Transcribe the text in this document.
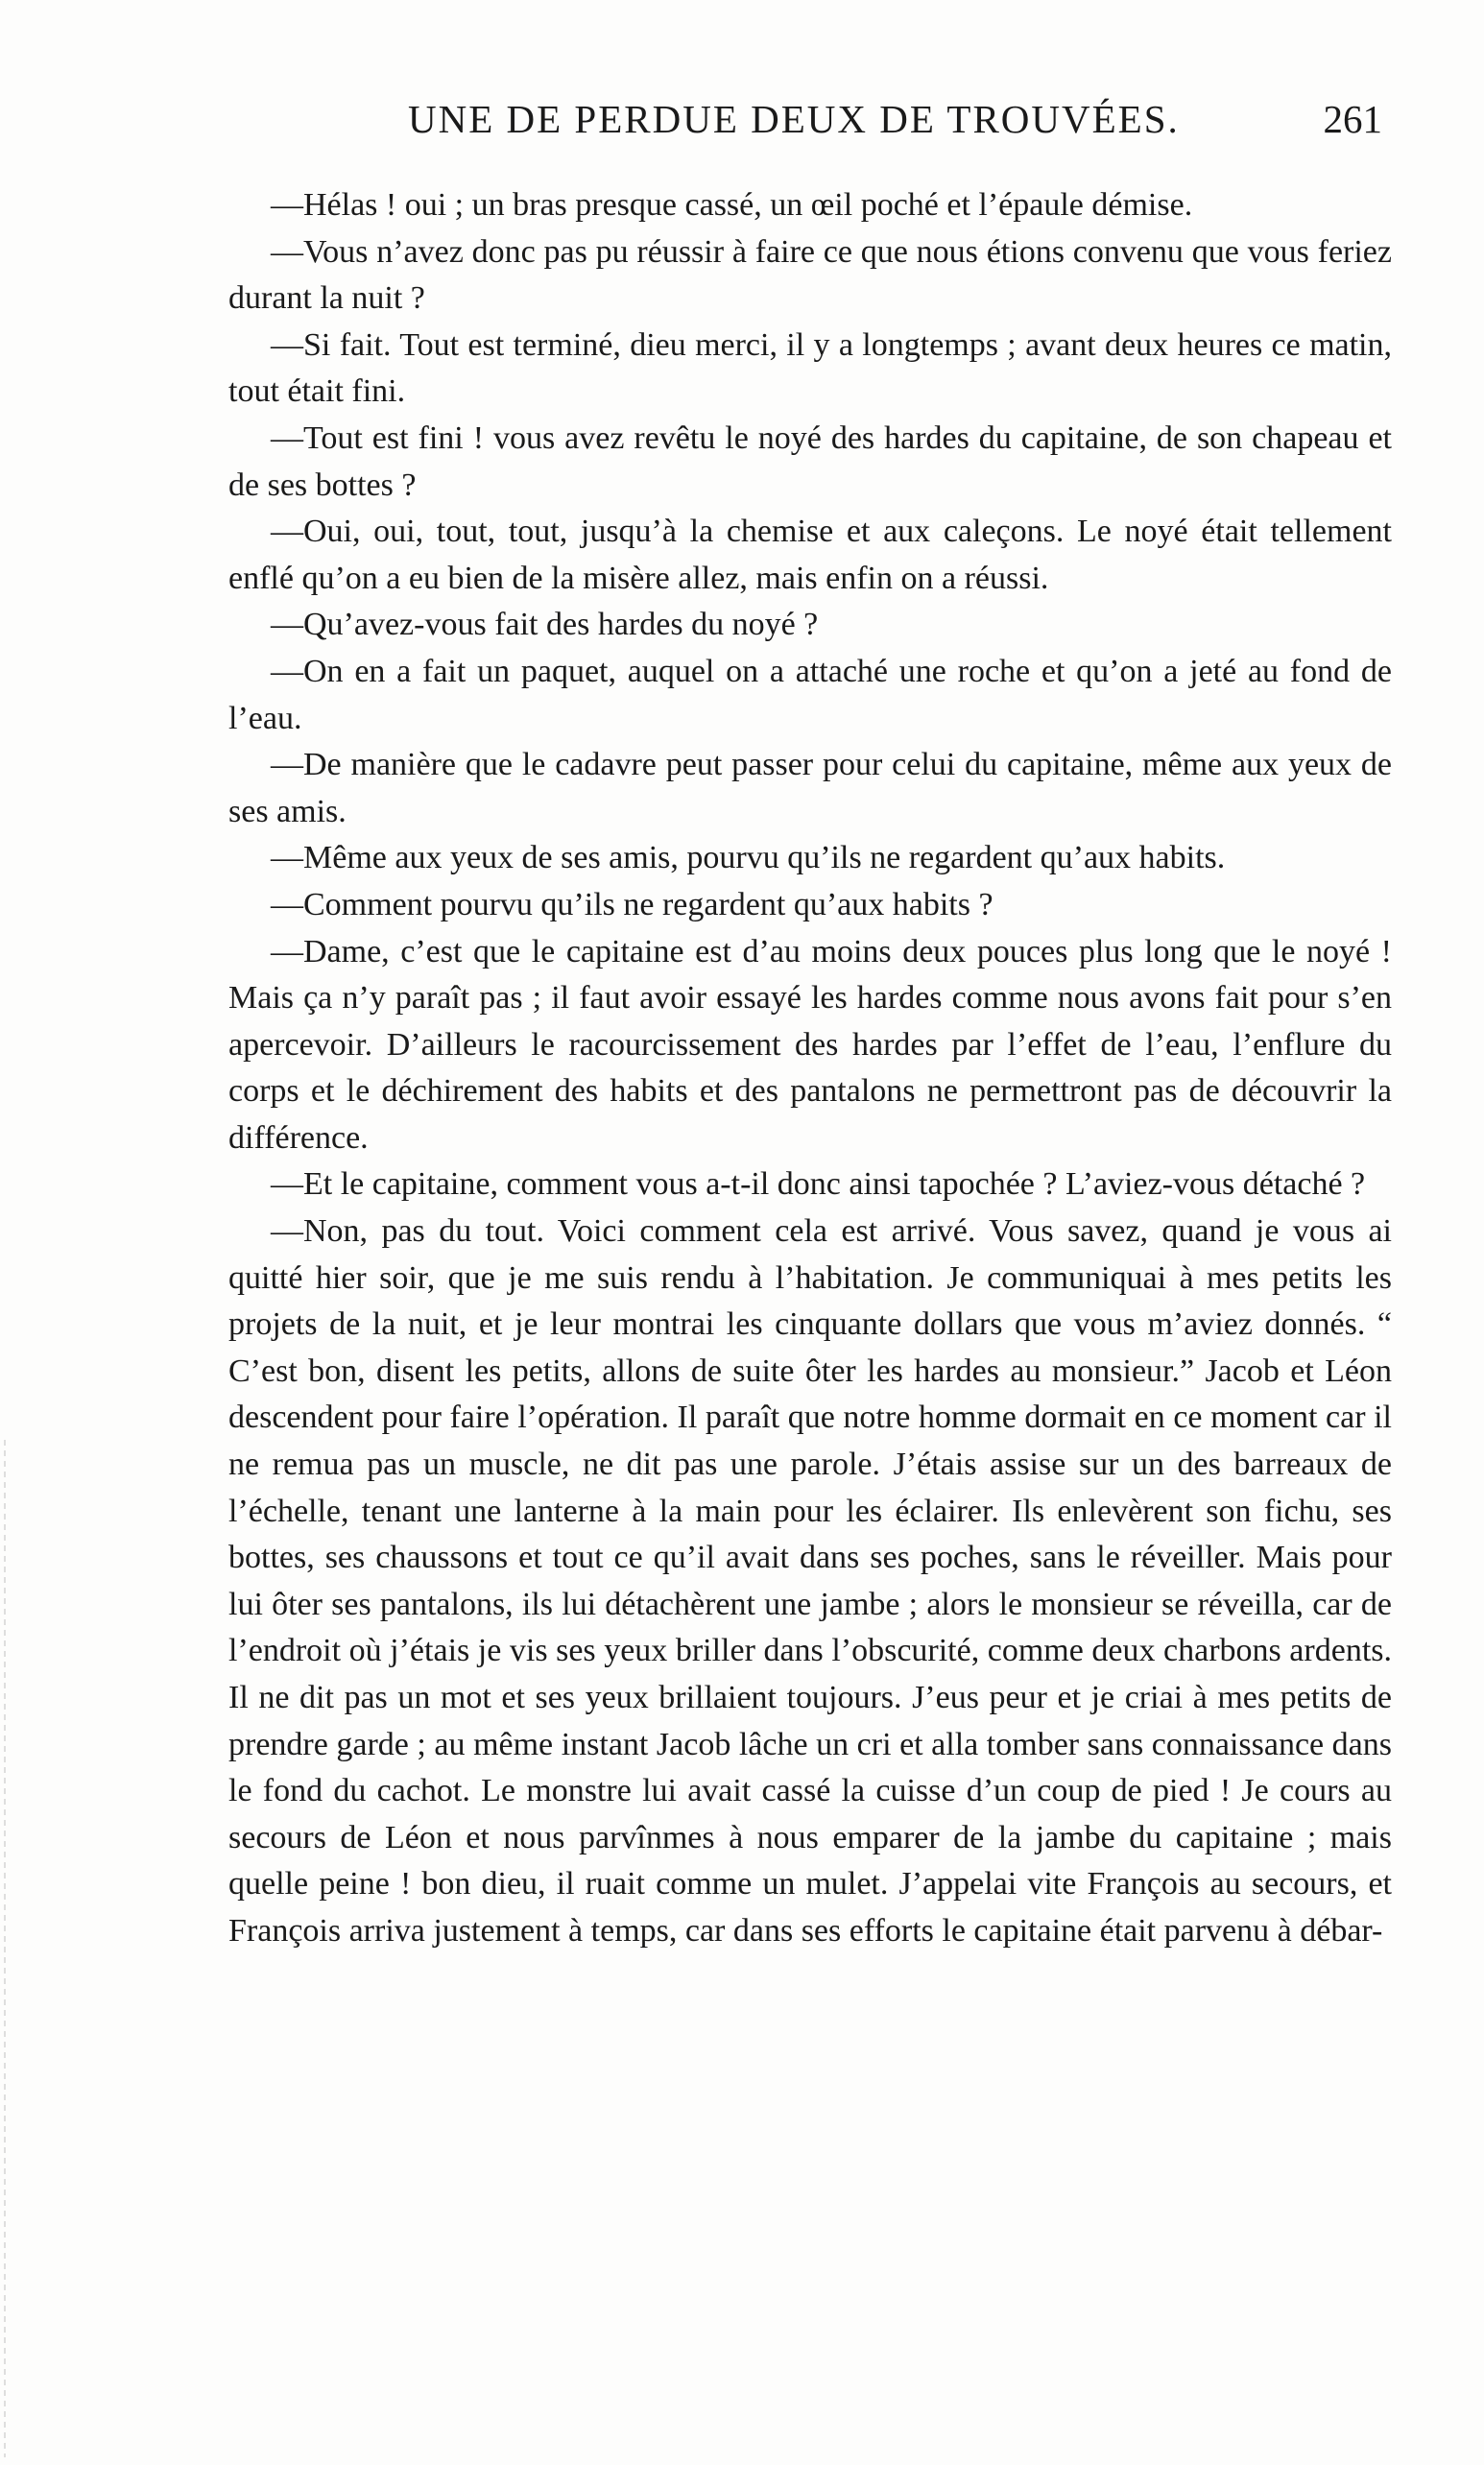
UNE DE PERDUE DEUX DE TROUVÉES.	261

—Hélas ! oui ; un bras presque cassé, un œil poché et l’épaule démise.

—Vous n’avez donc pas pu réussir à faire ce que nous étions convenu que vous feriez durant la nuit ?

—Si fait. Tout est terminé, dieu merci, il y a longtemps ; avant deux heures ce matin, tout était fini.

—Tout est fini ! vous avez revêtu le noyé des hardes du capitaine, de son chapeau et de ses bottes ?

—Oui, oui, tout, tout, jusqu’à la chemise et aux caleçons. Le noyé était tellement enflé qu’on a eu bien de la misère allez, mais enfin on a réussi.

—Qu’avez-vous fait des hardes du noyé ?

—On en a fait un paquet, auquel on a attaché une roche et qu’on a jeté au fond de l’eau.

—De manière que le cadavre peut passer pour celui du capitaine, même aux yeux de ses amis.

—Même aux yeux de ses amis, pourvu qu’ils ne regardent qu’aux habits.

—Comment pourvu qu’ils ne regardent qu’aux habits ?

—Dame, c’est que le capitaine est d’au moins deux pouces plus long que le noyé ! Mais ça n’y paraît pas ; il faut avoir essayé les hardes comme nous avons fait pour s’en apercevoir. D’ailleurs le racourcissement des hardes par l’effet de l’eau, l’enflure du corps et le déchirement des habits et des pantalons ne permettront pas de découvrir la différence.

—Et le capitaine, comment vous a-t-il donc ainsi tapochée ? L’aviez-vous détaché ?

—Non, pas du tout. Voici comment cela est arrivé. Vous savez, quand je vous ai quitté hier soir, que je me suis rendu à l’habitation. Je communiquai à mes petits les projets de la nuit, et je leur montrai les cinquante dollars que vous m’aviez donnés. “ C’est bon, disent les petits, allons de suite ôter les hardes au monsieur.” Jacob et Léon descendent pour faire l’opération. Il paraît que notre homme dormait en ce moment car il ne remua pas un muscle, ne dit pas une parole. J’étais assise sur un des barreaux de l’échelle, tenant une lanterne à la main pour les éclairer. Ils enlevèrent son fichu, ses bottes, ses chaussons et tout ce qu’il avait dans ses poches, sans le réveiller. Mais pour lui ôter ses pantalons, ils lui détachèrent une jambe ; alors le monsieur se réveilla, car de l’endroit où j’étais je vis ses yeux briller dans l’obscurité, comme deux charbons ardents. Il ne dit pas un mot et ses yeux brillaient toujours. J’eus peur et je criai à mes petits de prendre garde ; au même instant Jacob lâche un cri et alla tomber sans connaissance dans le fond du cachot. Le monstre lui avait cassé la cuisse d’un coup de pied ! Je cours au secours de Léon et nous parvînmes à nous emparer de la jambe du capitaine ; mais quelle peine ! bon dieu, il ruait comme un mulet. J’appelai vite François au secours, et François arriva justement à temps, car dans ses efforts le capitaine était parvenu à débar-
